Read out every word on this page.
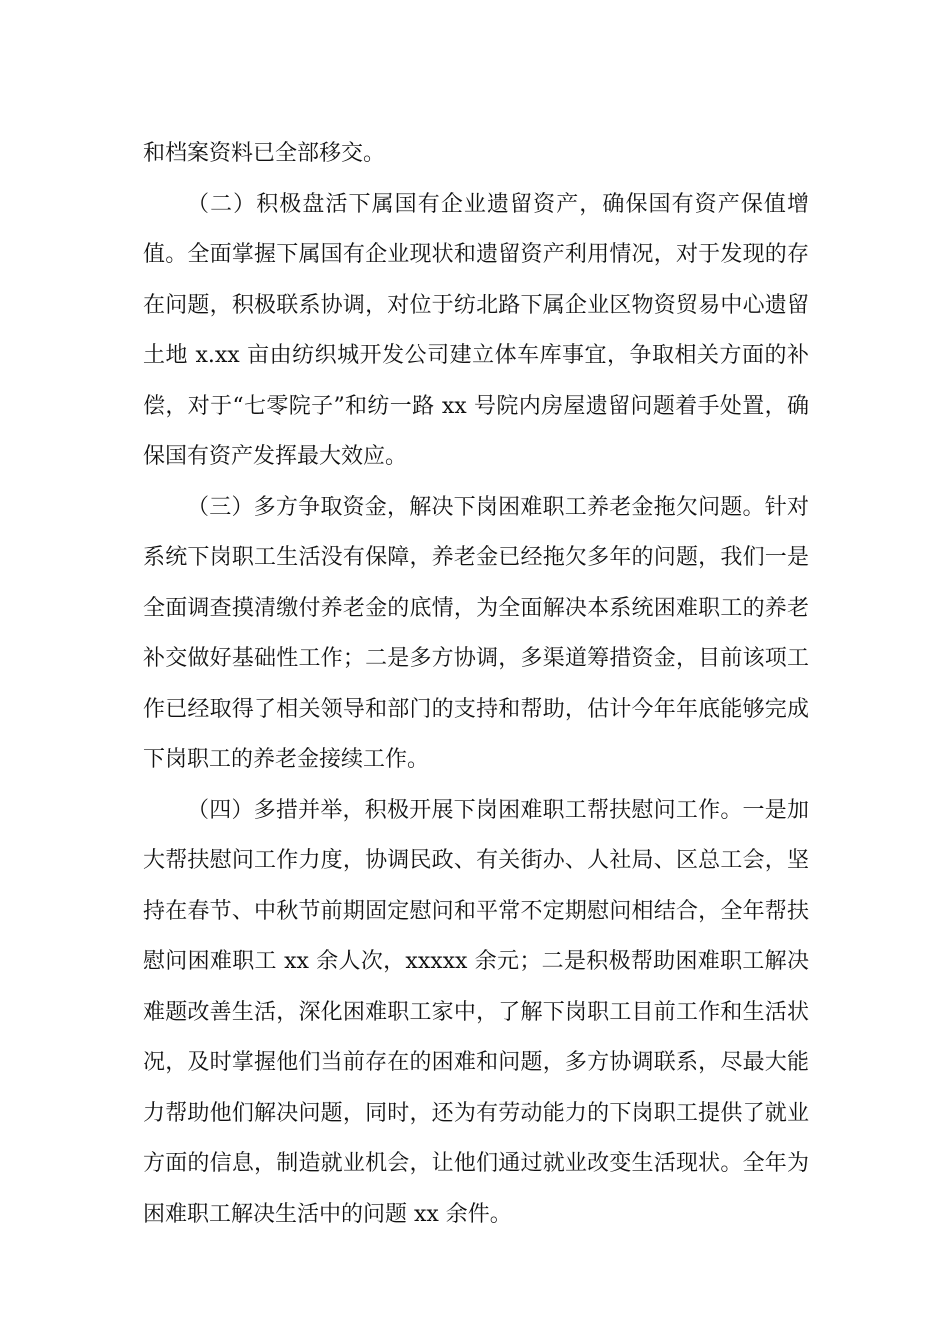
和档案资料已全部移交。

（二）积极盘活下属国有企业遗留资产，确保国有资产保值增值。全面掌握下属国有企业现状和遗留资产利用情况，对于发现的存在问题，积极联系协调，对位于纺北路下属企业区物资贸易中心遗留土地 x.xx 亩由纺织城开发公司建立体车库事宜，争取相关方面的补偿，对于“七零院子”和纺一路 xx 号院内房屋遗留问题着手处置，确保国有资产发挥最大效应。

（三）多方争取资金，解决下岗困难职工养老金拖欠问题。针对系统下岗职工生活没有保障，养老金已经拖欠多年的问题，我们一是全面调查摸清缴付养老金的底情，为全面解决本系统困难职工的养老补交做好基础性工作；二是多方协调，多渠道筹措资金，目前该项工作已经取得了相关领导和部门的支持和帮助，估计今年年底能够完成下岗职工的养老金接续工作。

（四）多措并举，积极开展下岗困难职工帮扶慰问工作。一是加大帮扶慰问工作力度，协调民政、有关街办、人社局、区总工会，坚持在春节、中秋节前期固定慰问和平常不定期慰问相结合，全年帮扶慰问困难职工 xx 余人次，xxxxx 余元；二是积极帮助困难职工解决难题改善生活，深化困难职工家中，了解下岗职工目前工作和生活状况，及时掌握他们当前存在的困难和问题，多方协调联系，尽最大能力帮助他们解决问题，同时，还为有劳动能力的下岗职工提供了就业方面的信息，制造就业机会，让他们通过就业改变生活现状。全年为困难职工解决生活中的问题 xx 余件。
